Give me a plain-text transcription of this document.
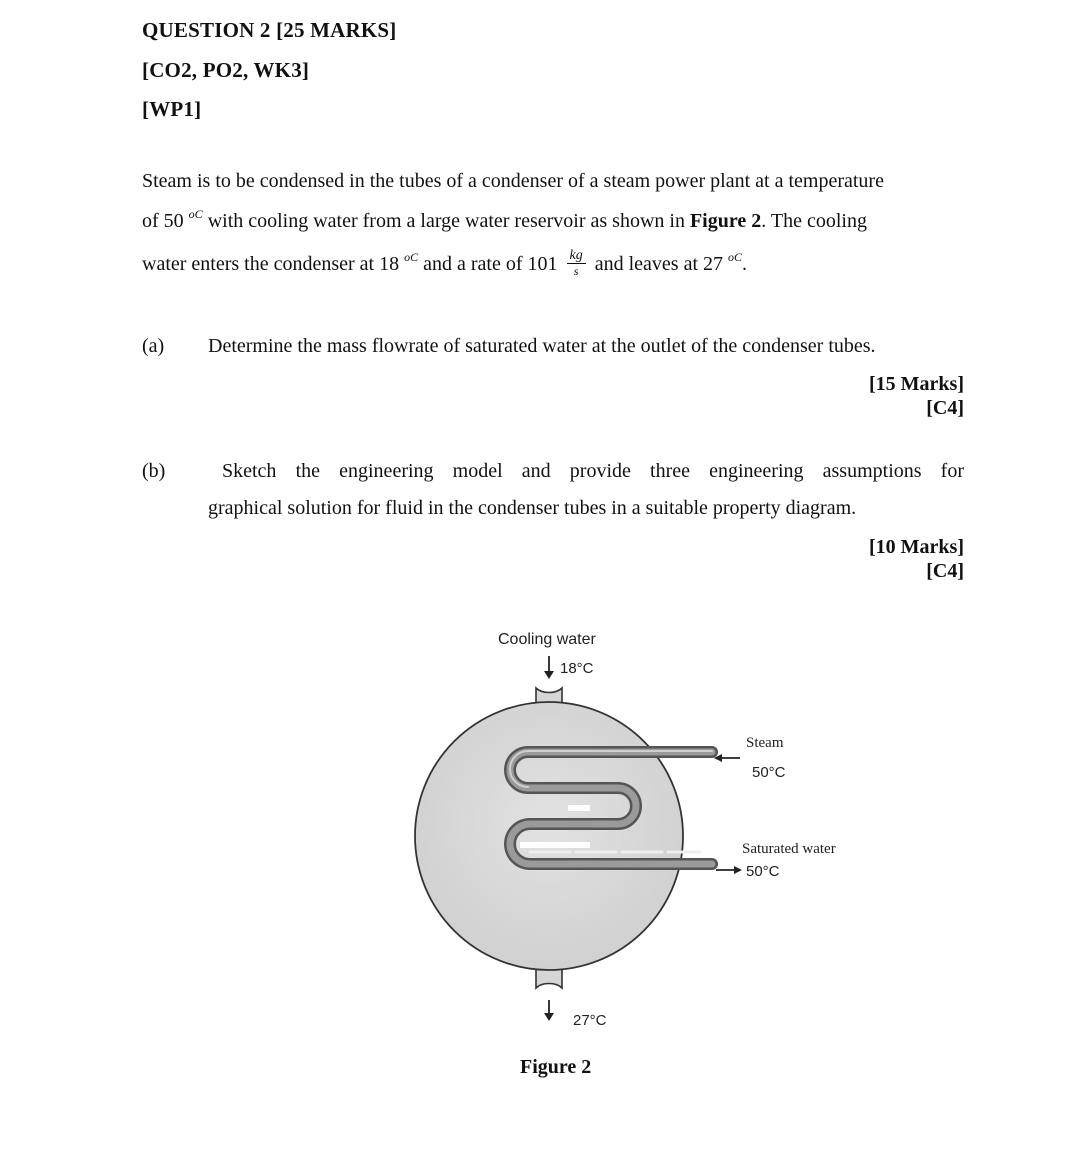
QUESTION 2 [25 MARKS]
[CO2, PO2, WK3]
[WP1]
Steam is to be condensed in the tubes of a condenser of a steam power plant at a temperature
of 50 $^{oC}$ with cooling water from a large water reservoir as shown in Figure 2. The cooling
water enters the condenser at 18 $^{oC}$ and a rate of $101 \frac{kg}{s}$ and leaves at 27 $^{oC}$.
(a) Determine the mass flowrate of saturated water at the outlet of the condenser tubes.
[15 Marks]
[C4]
(b)	Sketch the engineering model and provide three engineering assumptions for
graphical solution for fluid in the condenser tubes in a suitable property diagram.
[10 Marks]
[C4]
Cooling water
18°C
Steam
50°C
Saturated water
50°C
27°C
Figure 2
